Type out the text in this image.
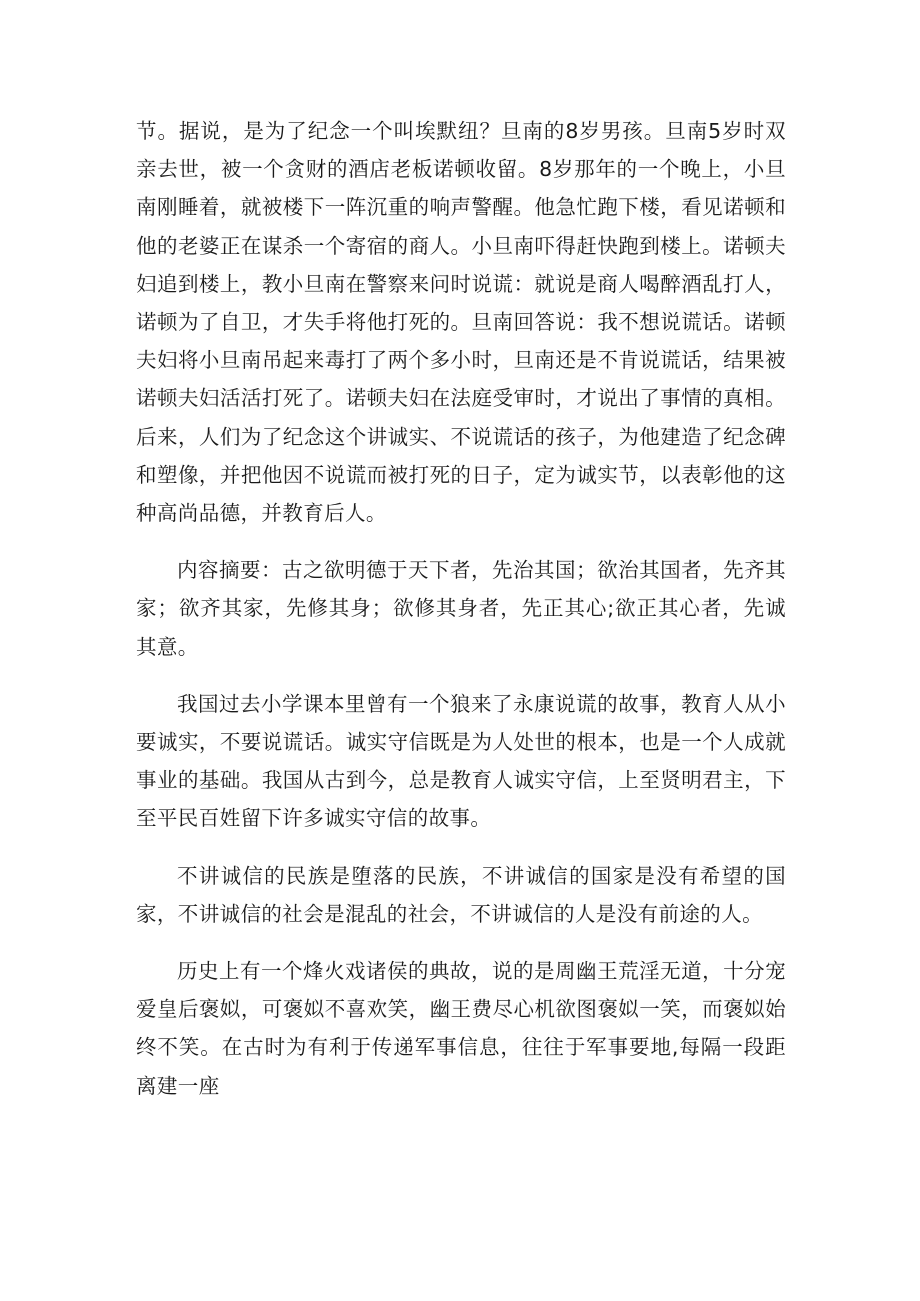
节。据说，是为了纪念一个叫埃默纽？旦南的8岁男孩。旦南5岁时双亲去世，被一个贪财的酒店老板诺顿收留。8岁那年的一个晚上，小旦南刚睡着，就被楼下一阵沉重的响声警醒。他急忙跑下楼，看见诺顿和他的老婆正在谋杀一个寄宿的商人。小旦南吓得赶快跑到楼上。诺顿夫妇追到楼上，教小旦南在警察来问时说谎：就说是商人喝醉酒乱打人，诺顿为了自卫，才失手将他打死的。旦南回答说：我不想说谎话。诺顿夫妇将小旦南吊起来毒打了两个多小时，旦南还是不肯说谎话，结果被诺顿夫妇活活打死了。诺顿夫妇在法庭受审时，才说出了事情的真相。后来，人们为了纪念这个讲诚实、不说谎话的孩子，为他建造了纪念碑和塑像，并把他因不说谎而被打死的日子，定为诚实节，以表彰他的这种高尚品德，并教育后人。

内容摘要：古之欲明德于天下者，先治其国；欲治其国者，先齐其家；欲齐其家，先修其身；欲修其身者，先正其心;欲正其心者，先诚其意。

我国过去小学课本里曾有一个狼来了永康说谎的故事，教育人从小要诚实，不要说谎话。诚实守信既是为人处世的根本，也是一个人成就事业的基础。我国从古到今，总是教育人诚实守信，上至贤明君主，下至平民百姓留下许多诚实守信的故事。

不讲诚信的民族是堕落的民族，不讲诚信的国家是没有希望的国家，不讲诚信的社会是混乱的社会，不讲诚信的人是没有前途的人。

历史上有一个烽火戏诸侯的典故，说的是周幽王荒淫无道，十分宠爱皇后褒姒，可褒姒不喜欢笑，幽王费尽心机欲图褒姒一笑，而褒姒始终不笑。在古时为有利于传递军事信息，往往于军事要地,每隔一段距离建一座
